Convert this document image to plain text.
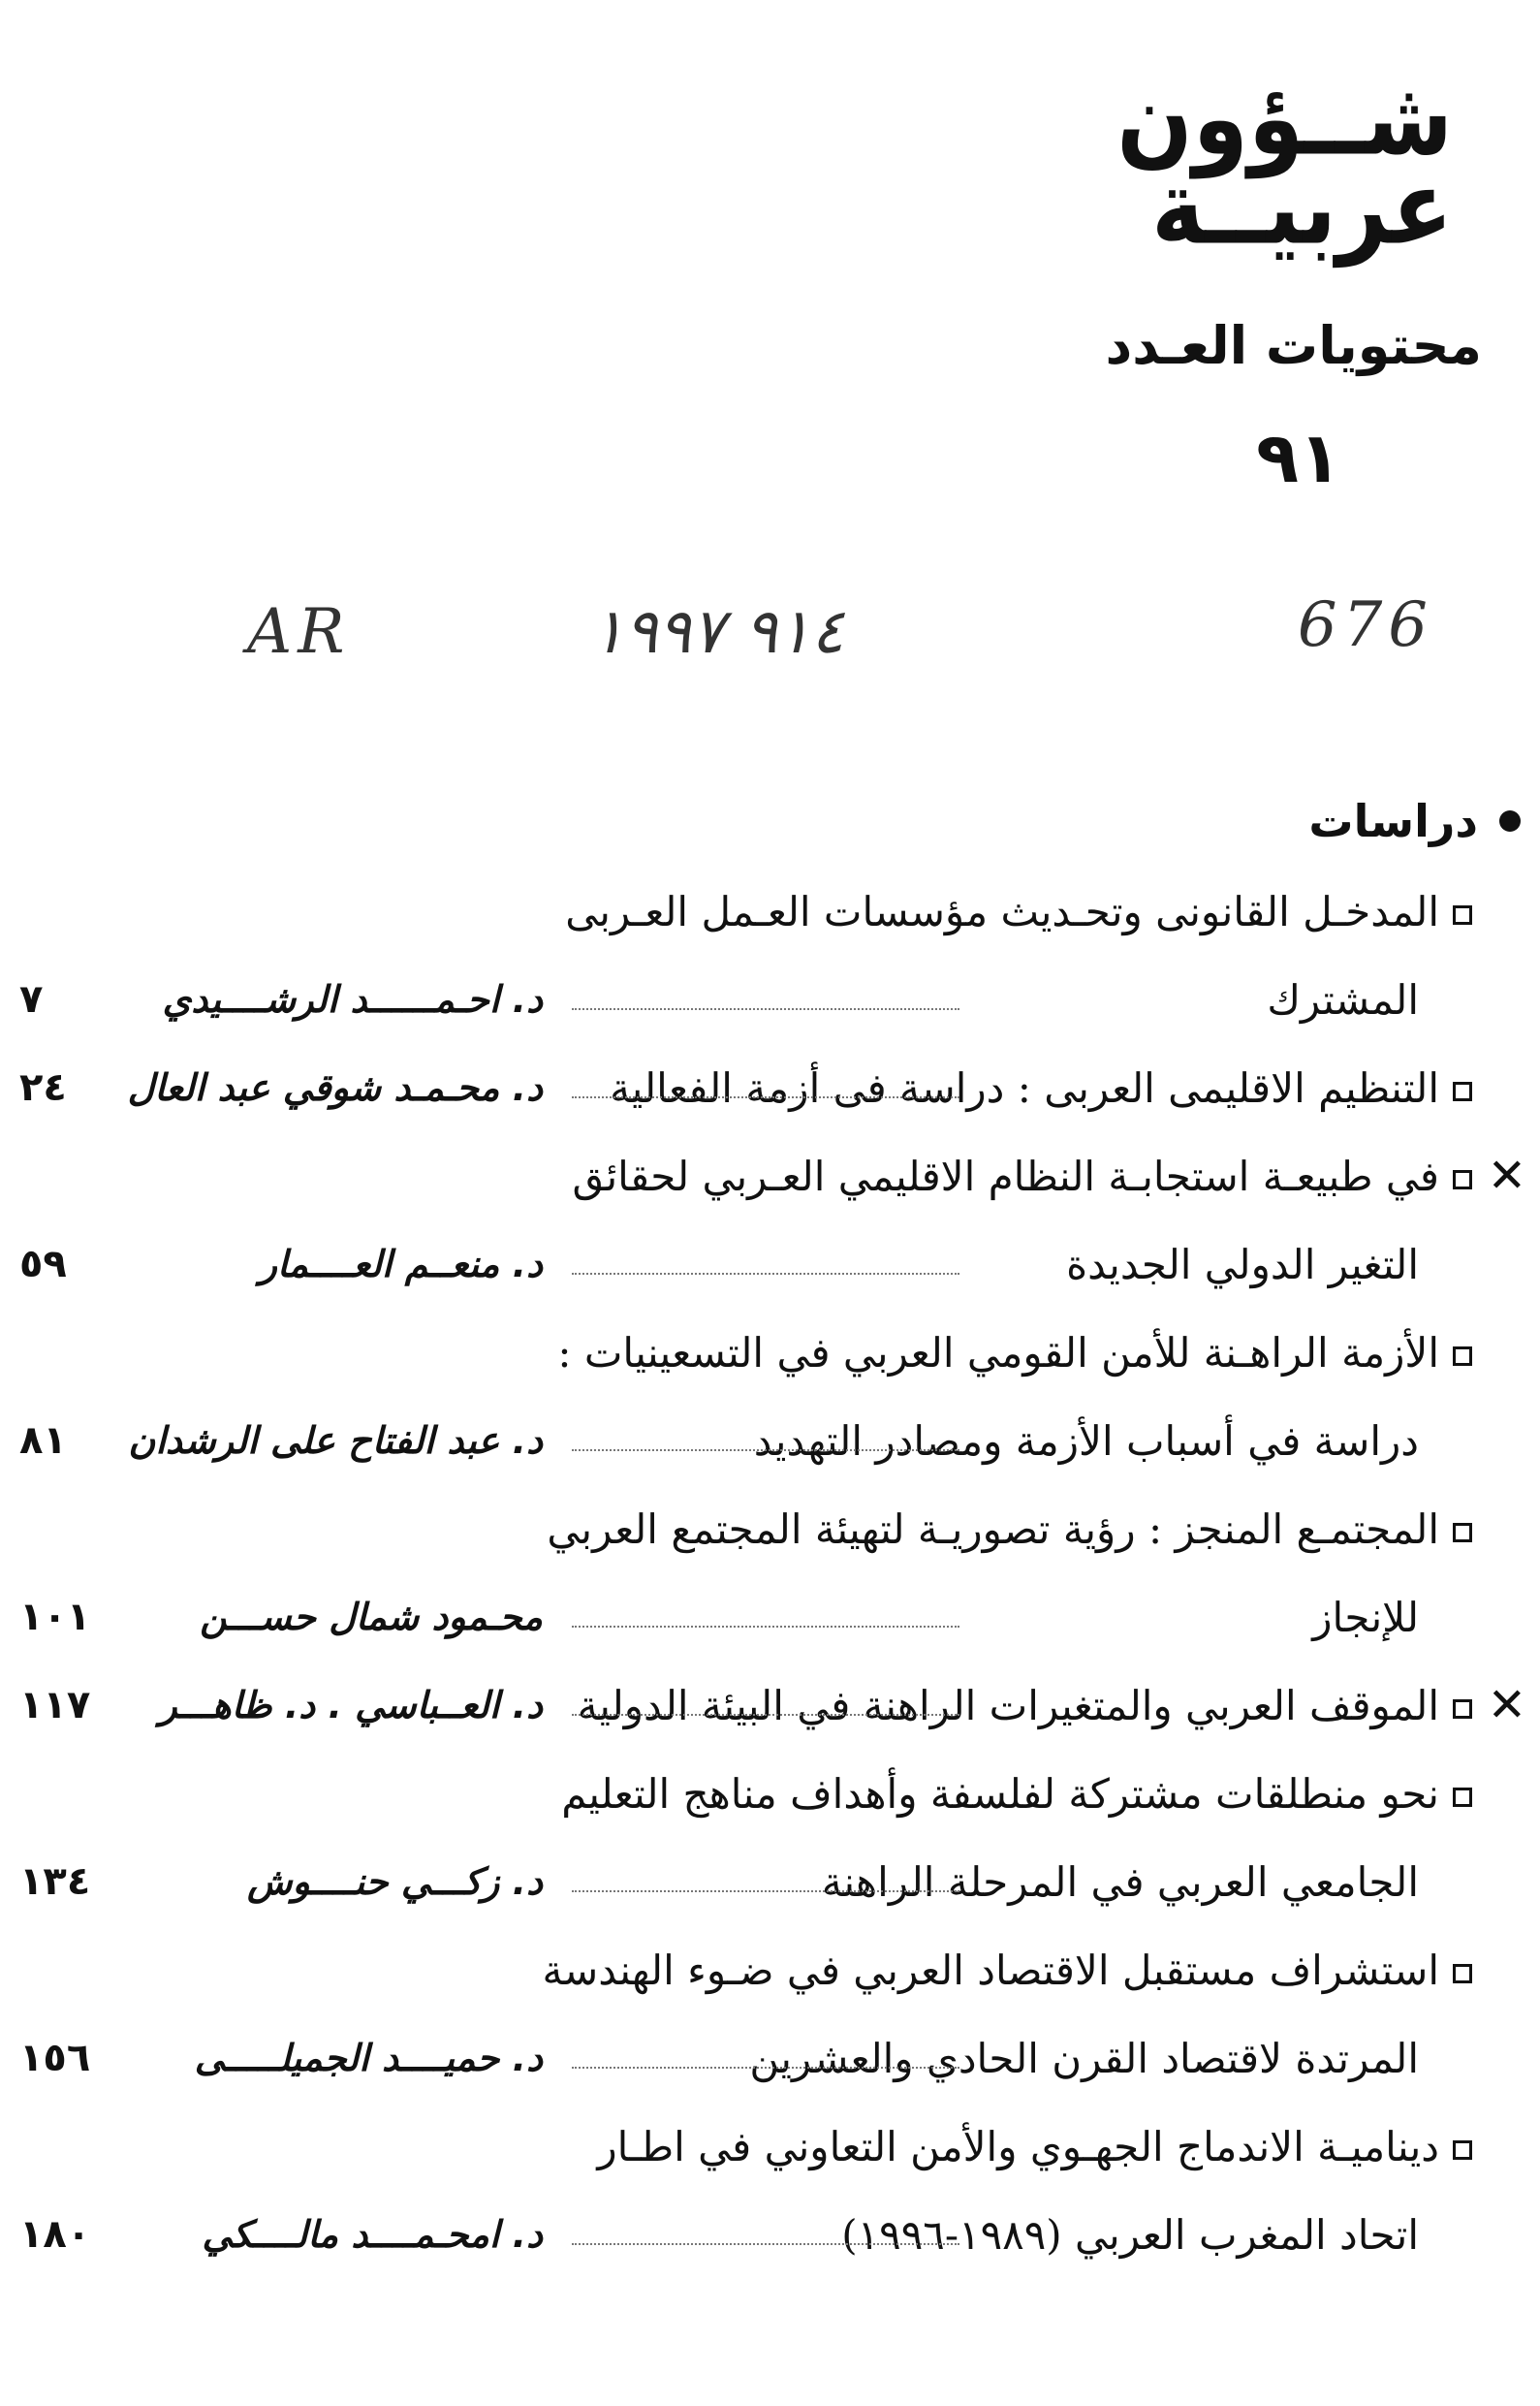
شــؤون
عربيــة
محتويات العـدد
٩١
AR	٩١٤ ١٩٩٧	676
دراسات
المدخـل القانونى وتحـديث مؤسسات العـمل العـربى
المشترك
د. احـمــــــد الرشــــيدي
٧
التنظيم الاقليمى العربى : دراسة فى أزمة الفعالية
د. محـمـد شوقي عبد العال
٢٤
✕
في طبيعـة استجابـة النظام الاقليمي العـربي لحقائق
التغير الدولي الجديدة
د. منعــم العــــمار
٥٩
الأزمة الراهـنة للأمن القومي العربي في التسعينيات :
دراسة في أسباب الأزمة ومصادر التهديد
د. عبد الفتاح على الرشدان
٨١
المجتمـع المنجز : رؤية تصوريـة لتهيئة المجتمع العربي
للإنجاز
محـمود شمال حســـن
١٠١
✕
الموقف العربي والمتغيرات الراهنة في البيئة الدولية
د. العــباسي . د. ظاهـــر
١١٧
نحو منطلقات مشتركة لفلسفة وأهداف مناهج التعليم
الجامعي العربي في المرحلة الراهنة
د. زكـــي حنــــوش
١٣٤
استشراف مستقبل الاقتصاد العربي في ضـوء الهندسة
المرتدة لاقتصاد القرن الحادي والعشرين
د. حميــــد الجميلـــــى
١٥٦
ديناميـة الاندماج الجهـوي والأمن التعاوني في اطـار
اتحاد المغرب العربي (١٩٨٩-١٩٩٦)
د. امحـمــــد مالــــكي
١٨٠
